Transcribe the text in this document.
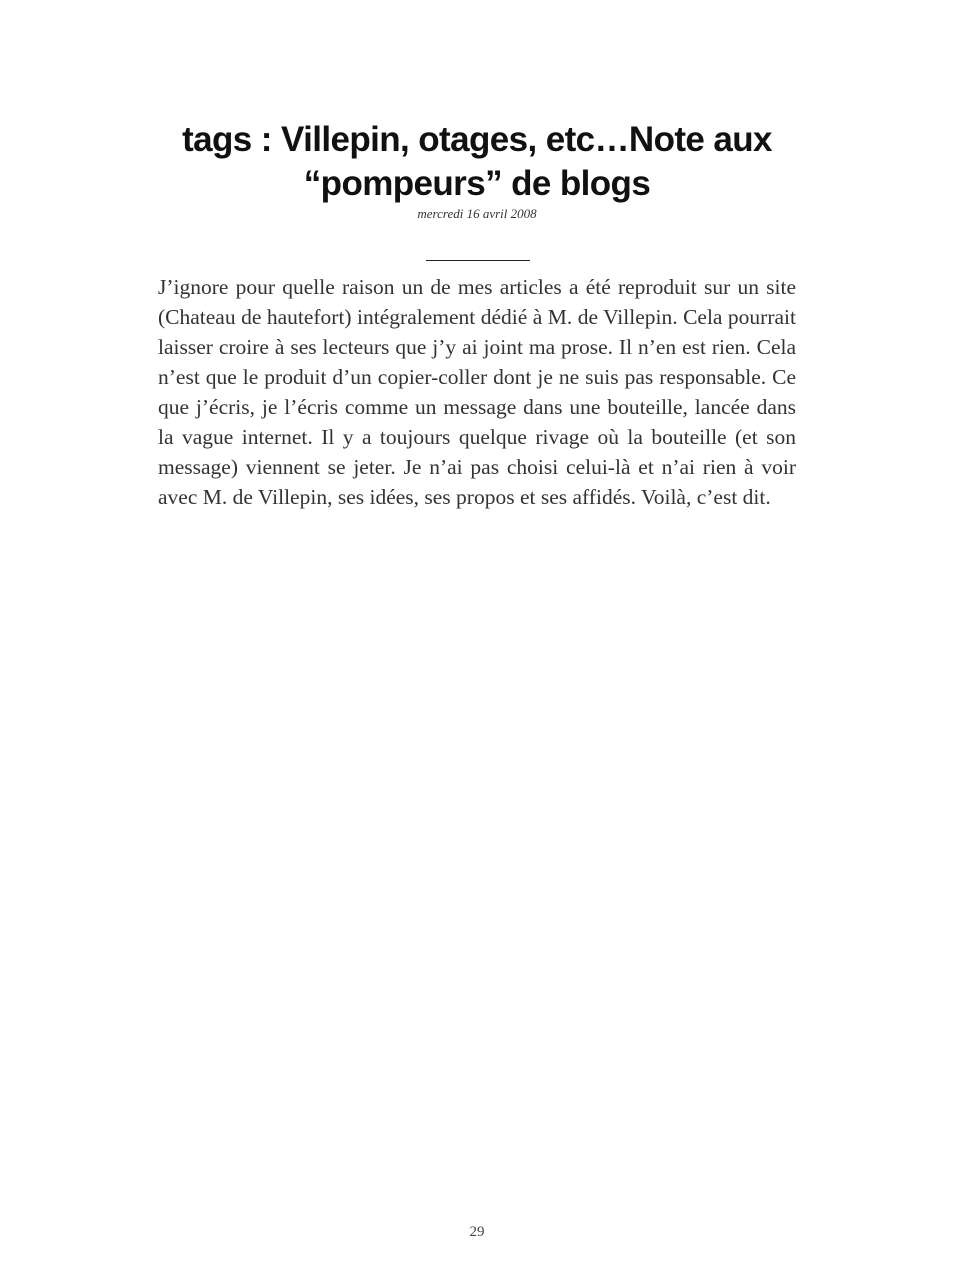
tags : Villepin, otages, etc…Note aux “pompeurs” de blogs
mercredi 16 avril 2008

J’ignore pour quelle raison un de mes articles a été reproduit sur un site (Chateau de hautefort) intégralement dédié à M. de Villepin. Cela pourrait laisser croire à ses lecteurs que j’y ai joint ma prose. Il n’en est rien. Cela n’est que le produit d’un copier-coller dont je ne suis pas responsable. Ce que j’écris, je l’écris comme un message dans une bouteille, lancée dans la vague internet. Il y a toujours quelque rivage où la bouteille (et son message) viennent se jeter. Je n’ai pas choisi celui-là et n’ai rien à voir avec M. de Villepin, ses idées, ses propos et ses affidés. Voilà, c’est dit.

29
